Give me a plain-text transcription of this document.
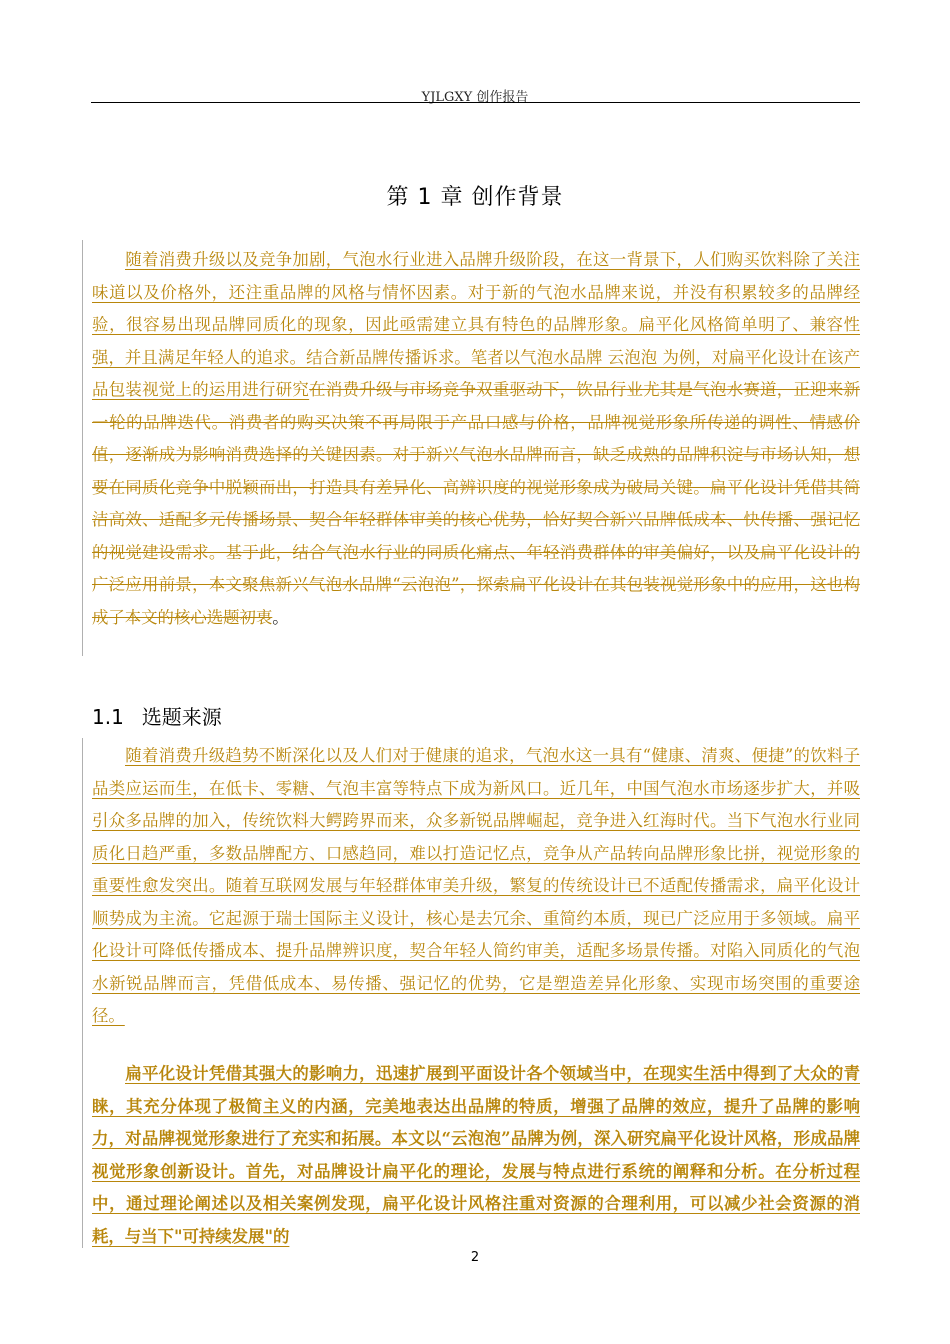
YJLGXY 创作报告
第 1 章 创作背景
随着消费升级以及竞争加剧，气泡水行业进入品牌升级阶段，在这一背景下，人们购买饮料除了关注味道以及价格外，还注重品牌的风格与情怀因素。对于新的气泡水品牌来说，并没有积累较多的品牌经验，很容易出现品牌同质化的现象，因此亟需建立具有特色的品牌形象。扁平化风格简单明了、兼容性强，并且满足年轻人的追求。结合新品牌传播诉求。笔者以气泡水品牌 云泡泡 为例，对扁平化设计在该产品包装视觉上的运用进行研究在消费升级与市场竞争双重驱动下，饮品行业尤其是气泡水赛道，正迎来新一轮的品牌迭代。消费者的购买决策不再局限于产品口感与价格，品牌视觉形象所传递的调性、情感价值，逐渐成为影响消费选择的关键因素。对于新兴气泡水品牌而言，缺乏成熟的品牌积淀与市场认知，想要在同质化竞争中脱颖而出，打造具有差异化、高辨识度的视觉形象成为破局关键。扁平化设计凭借其简洁高效、适配多元传播场景、契合年轻群体审美的核心优势，恰好契合新兴品牌低成本、快传播、强记忆的视觉建设需求。基于此，结合气泡水行业的同质化痛点、年轻消费群体的审美偏好，以及扁平化设计的广泛应用前景，本文聚焦新兴气泡水品牌“云泡泡”，探索扁平化设计在其包装视觉形象中的应用，这也构成了本文的核心选题初衷。
1.1 选题来源
随着消费升级趋势不断深化以及人们对于健康的追求，气泡水这一具有“健康、清爽、便捷”的饮料子品类应运而生，在低卡、零糖、气泡丰富等特点下成为新风口。近几年，中国气泡水市场逐步扩大，并吸引众多品牌的加入，传统饮料大鳄跨界而来，众多新锐品牌崛起，竞争进入红海时代。当下气泡水行业同质化日趋严重，多数品牌配方、口感趋同，难以打造记忆点，竞争从产品转向品牌形象比拼，视觉形象的重要性愈发突出。随着互联网发展与年轻群体审美升级，繁复的传统设计已不适配传播需求，扁平化设计顺势成为主流。它起源于瑞士国际主义设计，核心是去冗余、重简约本质，现已广泛应用于多领域。扁平化设计可降低传播成本、提升品牌辨识度，契合年轻人简约审美，适配多场景传播。对陷入同质化的气泡水新锐品牌而言，凭借低成本、易传播、强记忆的优势，它是塑造差异化形象、实现市场突围的重要途径。
扁平化设计凭借其强大的影响力，迅速扩展到平面设计各个领域当中，在现实生活中得到了大众的青睐，其充分体现了极简主义的内涵，完美地表达出品牌的特质，增强了品牌的效应，提升了品牌的影响力，对品牌视觉形象进行了充实和拓展。本文以“云泡泡”品牌为例，深入研究扁平化设计风格，形成品牌视觉形象创新设计。首先，对品牌设计扁平化的理论，发展与特点进行系统的阐释和分析。在分析过程中，通过理论阐述以及相关案例发现，扁平化设计风格注重对资源的合理利用，可以减少社会资源的消耗，与当下"可持续发展"的
2
